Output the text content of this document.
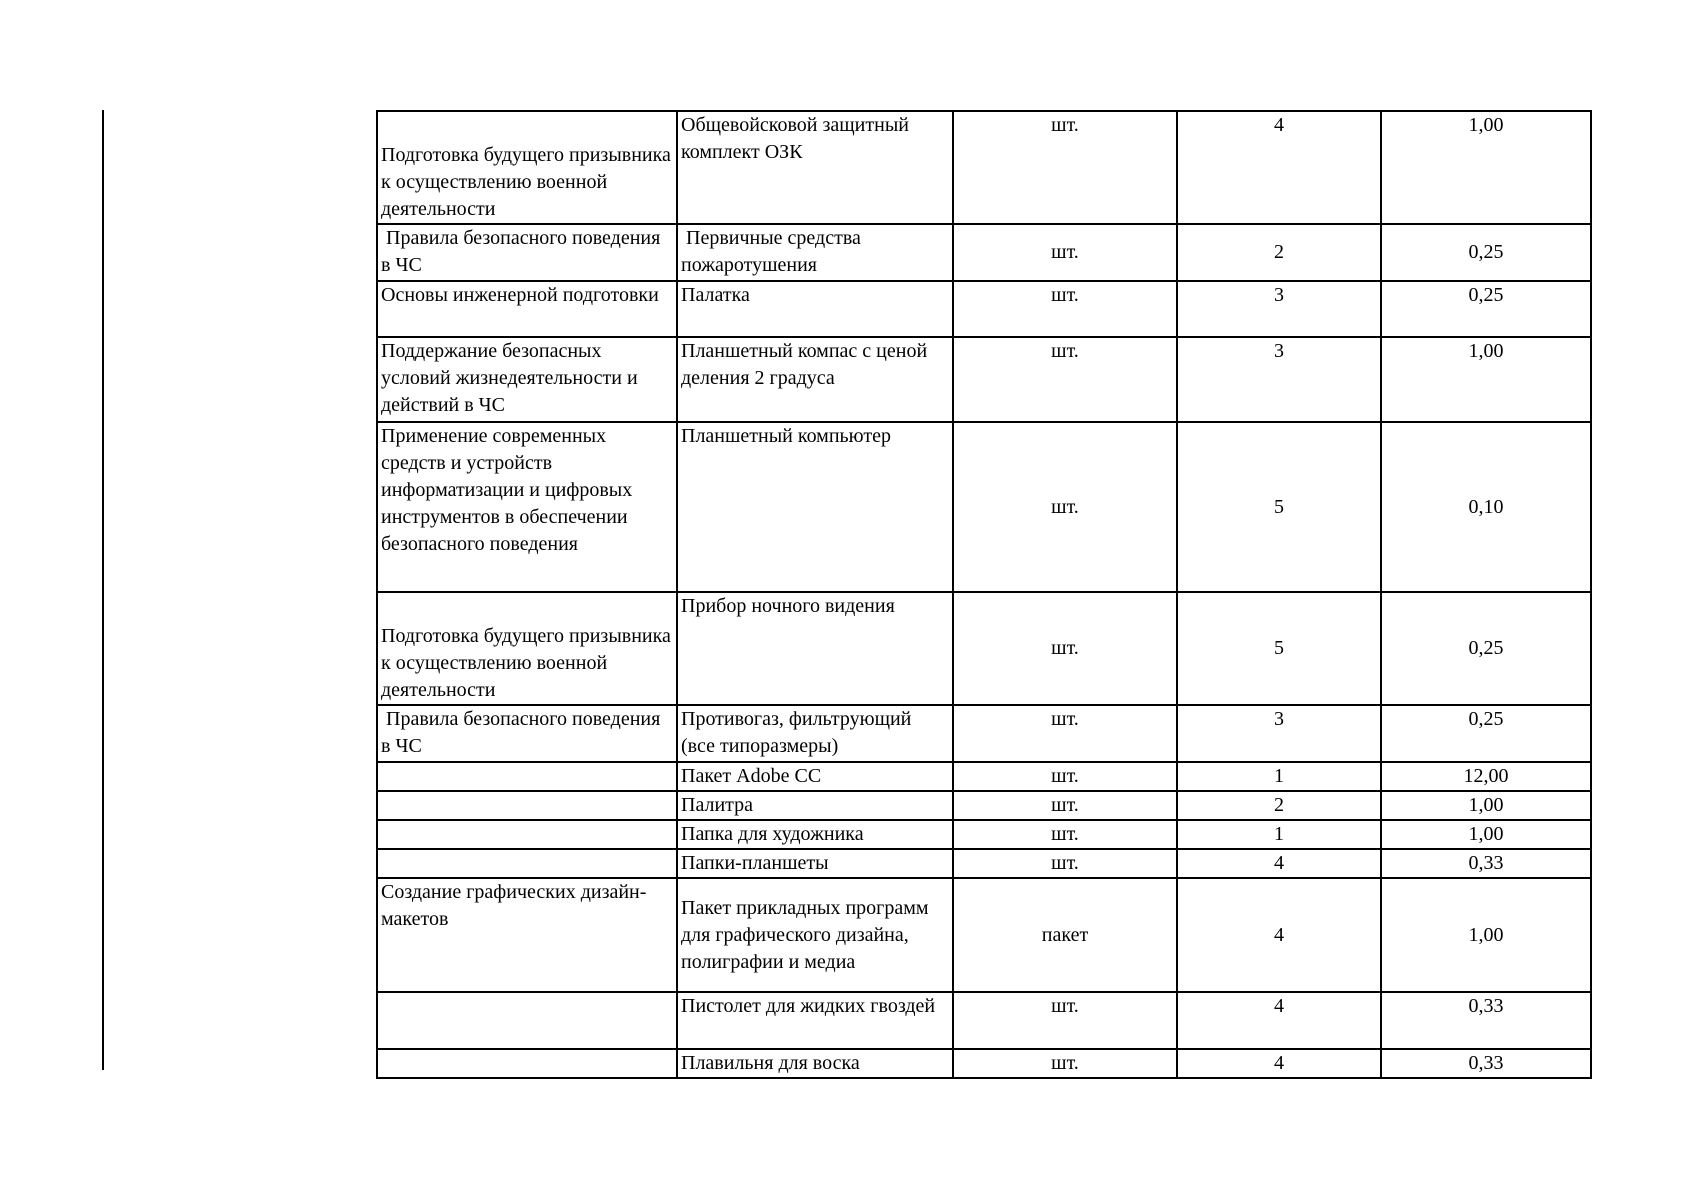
Подготовка будущего призывника к осуществлению военной деятельности	Общевойсковой защитный комплект ОЗК	шт.	4	1,00
Правила безопасного поведения в ЧС	Первичные средства пожаротушения	шт.	2	0,25
Основы инженерной подготовки	Палатка	шт.	3	0,25
Поддержание безопасных условий жизнедеятельности и действий в ЧС	Планшетный компас с ценой деления 2 градуса	шт.	3	1,00
Применение современных средств и устройств информатизации и цифровых инструментов в обеспечении безопасного поведения	Планшетный компьютер	шт.	5	0,10
Подготовка будущего призывника к осуществлению военной деятельности	Прибор ночного видения	шт.	5	0,25
Правила безопасного поведения в ЧС	Противогаз, фильтрующий (все типоразмеры)	шт.	3	0,25
	Пакет Adobe CC	шт.	1	12,00
	Палитра	шт.	2	1,00
	Папка для художника	шт.	1	1,00
	Папки-планшеты	шт.	4	0,33
Создание графических дизайн-макетов	Пакет прикладных программ для графического дизайна, полиграфии и медиа	пакет	4	1,00
	Пистолет для жидких гвоздей	шт.	4	0,33
	Плавильня для воска	шт.	4	0,33
